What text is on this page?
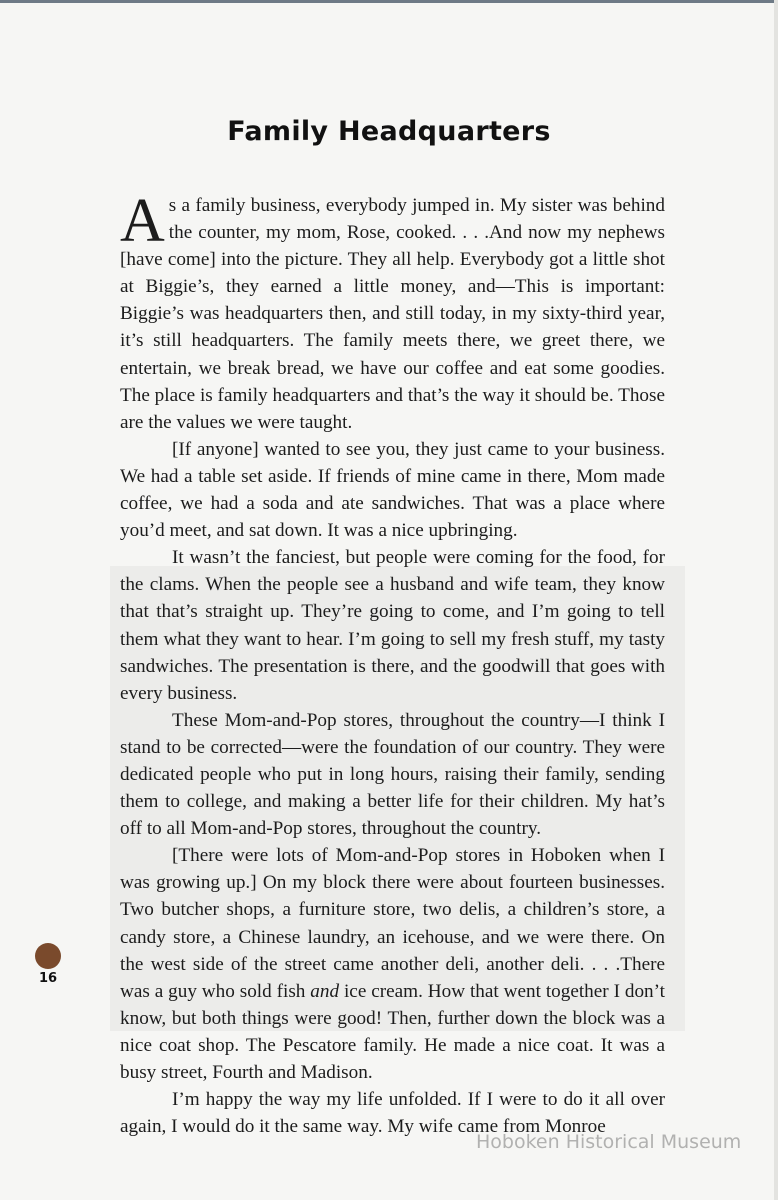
Family Headquarters

As a family business, everybody jumped in. My sister was behind the counter, my mom, Rose, cooked. . . .And now my nephews [have come] into the picture. They all help. Everybody got a little shot at Biggie’s, they earned a little money, and—This is important: Biggie’s was headquarters then, and still today, in my sixty-third year, it’s still headquarters. The family meets there, we greet there, we entertain, we break bread, we have our coffee and eat some goodies. The place is family headquarters and that’s the way it should be. Those are the values we were taught.

[If anyone] wanted to see you, they just came to your business. We had a table set aside. If friends of mine came in there, Mom made coffee, we had a soda and ate sandwiches. That was a place where you’d meet, and sat down. It was a nice upbringing.

It wasn’t the fanciest, but people were coming for the food, for the clams. When the people see a husband and wife team, they know that that’s straight up. They’re going to come, and I’m going to tell them what they want to hear. I’m going to sell my fresh stuff, my tasty sandwiches. The presentation is there, and the goodwill that goes with every business.

These Mom-and-Pop stores, throughout the country—I think I stand to be corrected—were the foundation of our country. They were dedicated people who put in long hours, raising their family, sending them to college, and making a better life for their children. My hat’s off to all Mom-and-Pop stores, throughout the country.

[There were lots of Mom-and-Pop stores in Hoboken when I was growing up.] On my block there were about fourteen businesses. Two butcher shops, a furniture store, two delis, a children’s store, a candy store, a Chinese laundry, an icehouse, and we were there. On the west side of the street came another deli, another deli. . . .There was a guy who sold fish and ice cream. How that went together I don’t know, but both things were good! Then, further down the block was a nice coat shop. The Pescatore family. He made a nice coat. It was a busy street, Fourth and Madison.

I’m happy the way my life unfolded. If I were to do it all over again, I would do it the same way. My wife came from Monroe

16
Hoboken Historical Museum
